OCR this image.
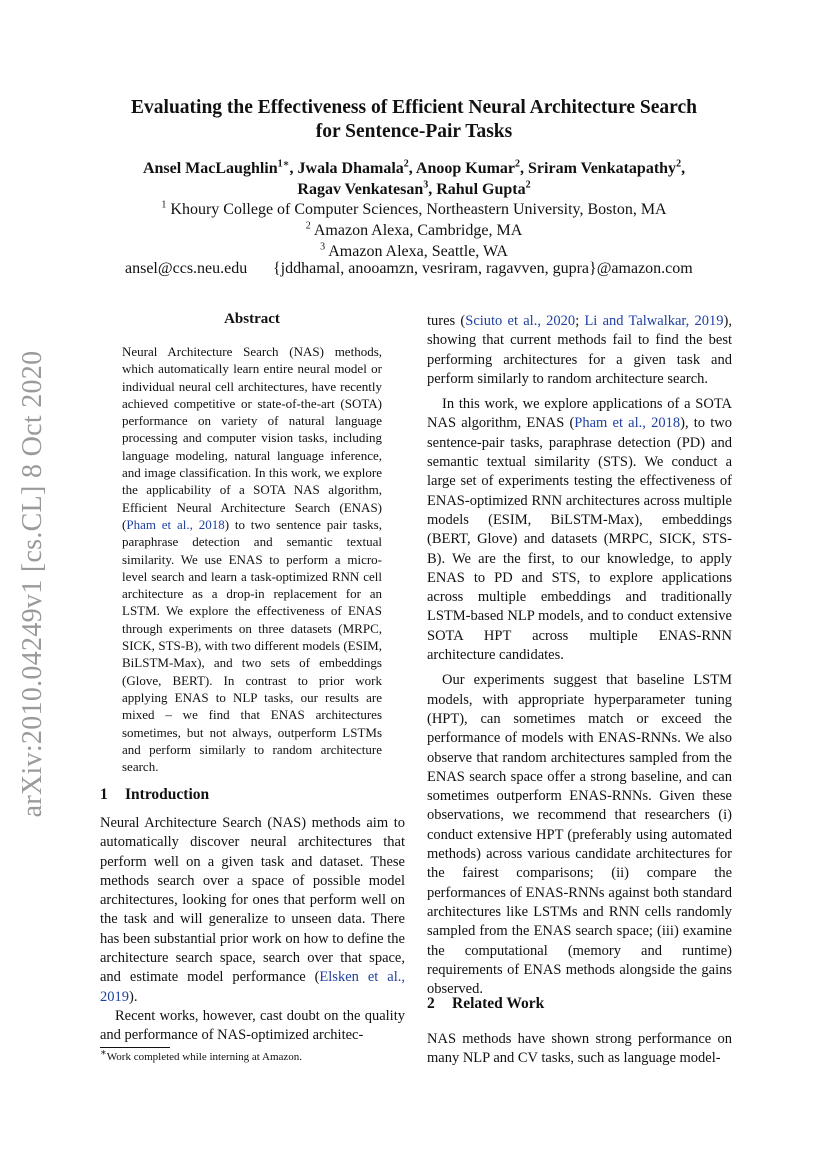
Evaluating the Effectiveness of Efficient Neural Architecture Search
for Sentence-Pair Tasks
Ansel MacLaughlin$^{1∗}$, Jwala Dhamala$^2$, Anoop Kumar$^2$, Sriram Venkatapathy$^2$,
Ragav Venkatesan$^3$, Rahul Gupta$^2$
$^1$ Khoury College of Computer Sciences, Northeastern University, Boston, MA
$^2$ Amazon Alexa, Cambridge, MA
$^3$ Amazon Alexa, Seattle, WA
ansel@ccs.neu.edu {jddhamal, anooamzn, vesriram, ragavven, gupra}@amazon.com
arXiv:2010.04249v1 [cs.CL] 8 Oct 2020
Abstract
Neural Architecture Search (NAS) methods, which automatically learn entire neural model or individual neural cell architectures, have recently achieved competitive or state-of-the-art (SOTA) performance on variety of natural language processing and computer vision tasks, including language modeling, natural language inference, and image classification. In this work, we explore the applicability of a SOTA NAS algorithm, Efficient Neural Architecture Search (ENAS) (Pham et al., 2018) to two sentence pair tasks, paraphrase detection and semantic textual similarity. We use ENAS to perform a micro-level search and learn a task-optimized RNN cell architecture as a drop-in replacement for an LSTM. We explore the effectiveness of ENAS through experiments on three datasets (MRPC, SICK, STS-B), with two different models (ESIM, BiLSTM-Max), and two sets of embeddings (Glove, BERT). In contrast to prior work applying ENAS to NLP tasks, our results are mixed – we find that ENAS architectures sometimes, but not always, outperform LSTMs and perform similarly to random architecture search.
1 Introduction

Neural Architecture Search (NAS) methods aim to automatically discover neural architectures that perform well on a given task and dataset. These methods search over a space of possible model architectures, looking for ones that perform well on the task and will generalize to unseen data. There has been substantial prior work on how to define the architecture search space, search over that space, and estimate model performance (Elsken et al., 2019).

Recent works, however, cast doubt on the quality and performance of NAS-optimized architec-

∗Work completed while interning at Amazon.

tures (Sciuto et al., 2020; Li and Talwalkar, 2019), showing that current methods fail to find the best performing architectures for a given task and perform similarly to random architecture search.

In this work, we explore applications of a SOTA NAS algorithm, ENAS (Pham et al., 2018), to two sentence-pair tasks, paraphrase detection (PD) and semantic textual similarity (STS). We conduct a large set of experiments testing the effectiveness of ENAS-optimized RNN architectures across multiple models (ESIM, BiLSTM-Max), embeddings (BERT, Glove) and datasets (MRPC, SICK, STS-B). We are the first, to our knowledge, to apply ENAS to PD and STS, to explore applications across multiple embeddings and traditionally LSTM-based NLP models, and to conduct extensive SOTA HPT across multiple ENAS-RNN architecture candidates.

Our experiments suggest that baseline LSTM models, with appropriate hyperparameter tuning (HPT), can sometimes match or exceed the performance of models with ENAS-RNNs. We also observe that random architectures sampled from the ENAS search space offer a strong baseline, and can sometimes outperform ENAS-RNNs. Given these observations, we recommend that researchers (i) conduct extensive HPT (preferably using automated methods) across various candidate architectures for the fairest comparisons; (ii) compare the performances of ENAS-RNNs against both standard architectures like LSTMs and RNN cells randomly sampled from the ENAS search space; (iii) examine the computational (memory and runtime) requirements of ENAS methods alongside the gains observed.

2 Related Work

NAS methods have shown strong performance on many NLP and CV tasks, such as language model-
